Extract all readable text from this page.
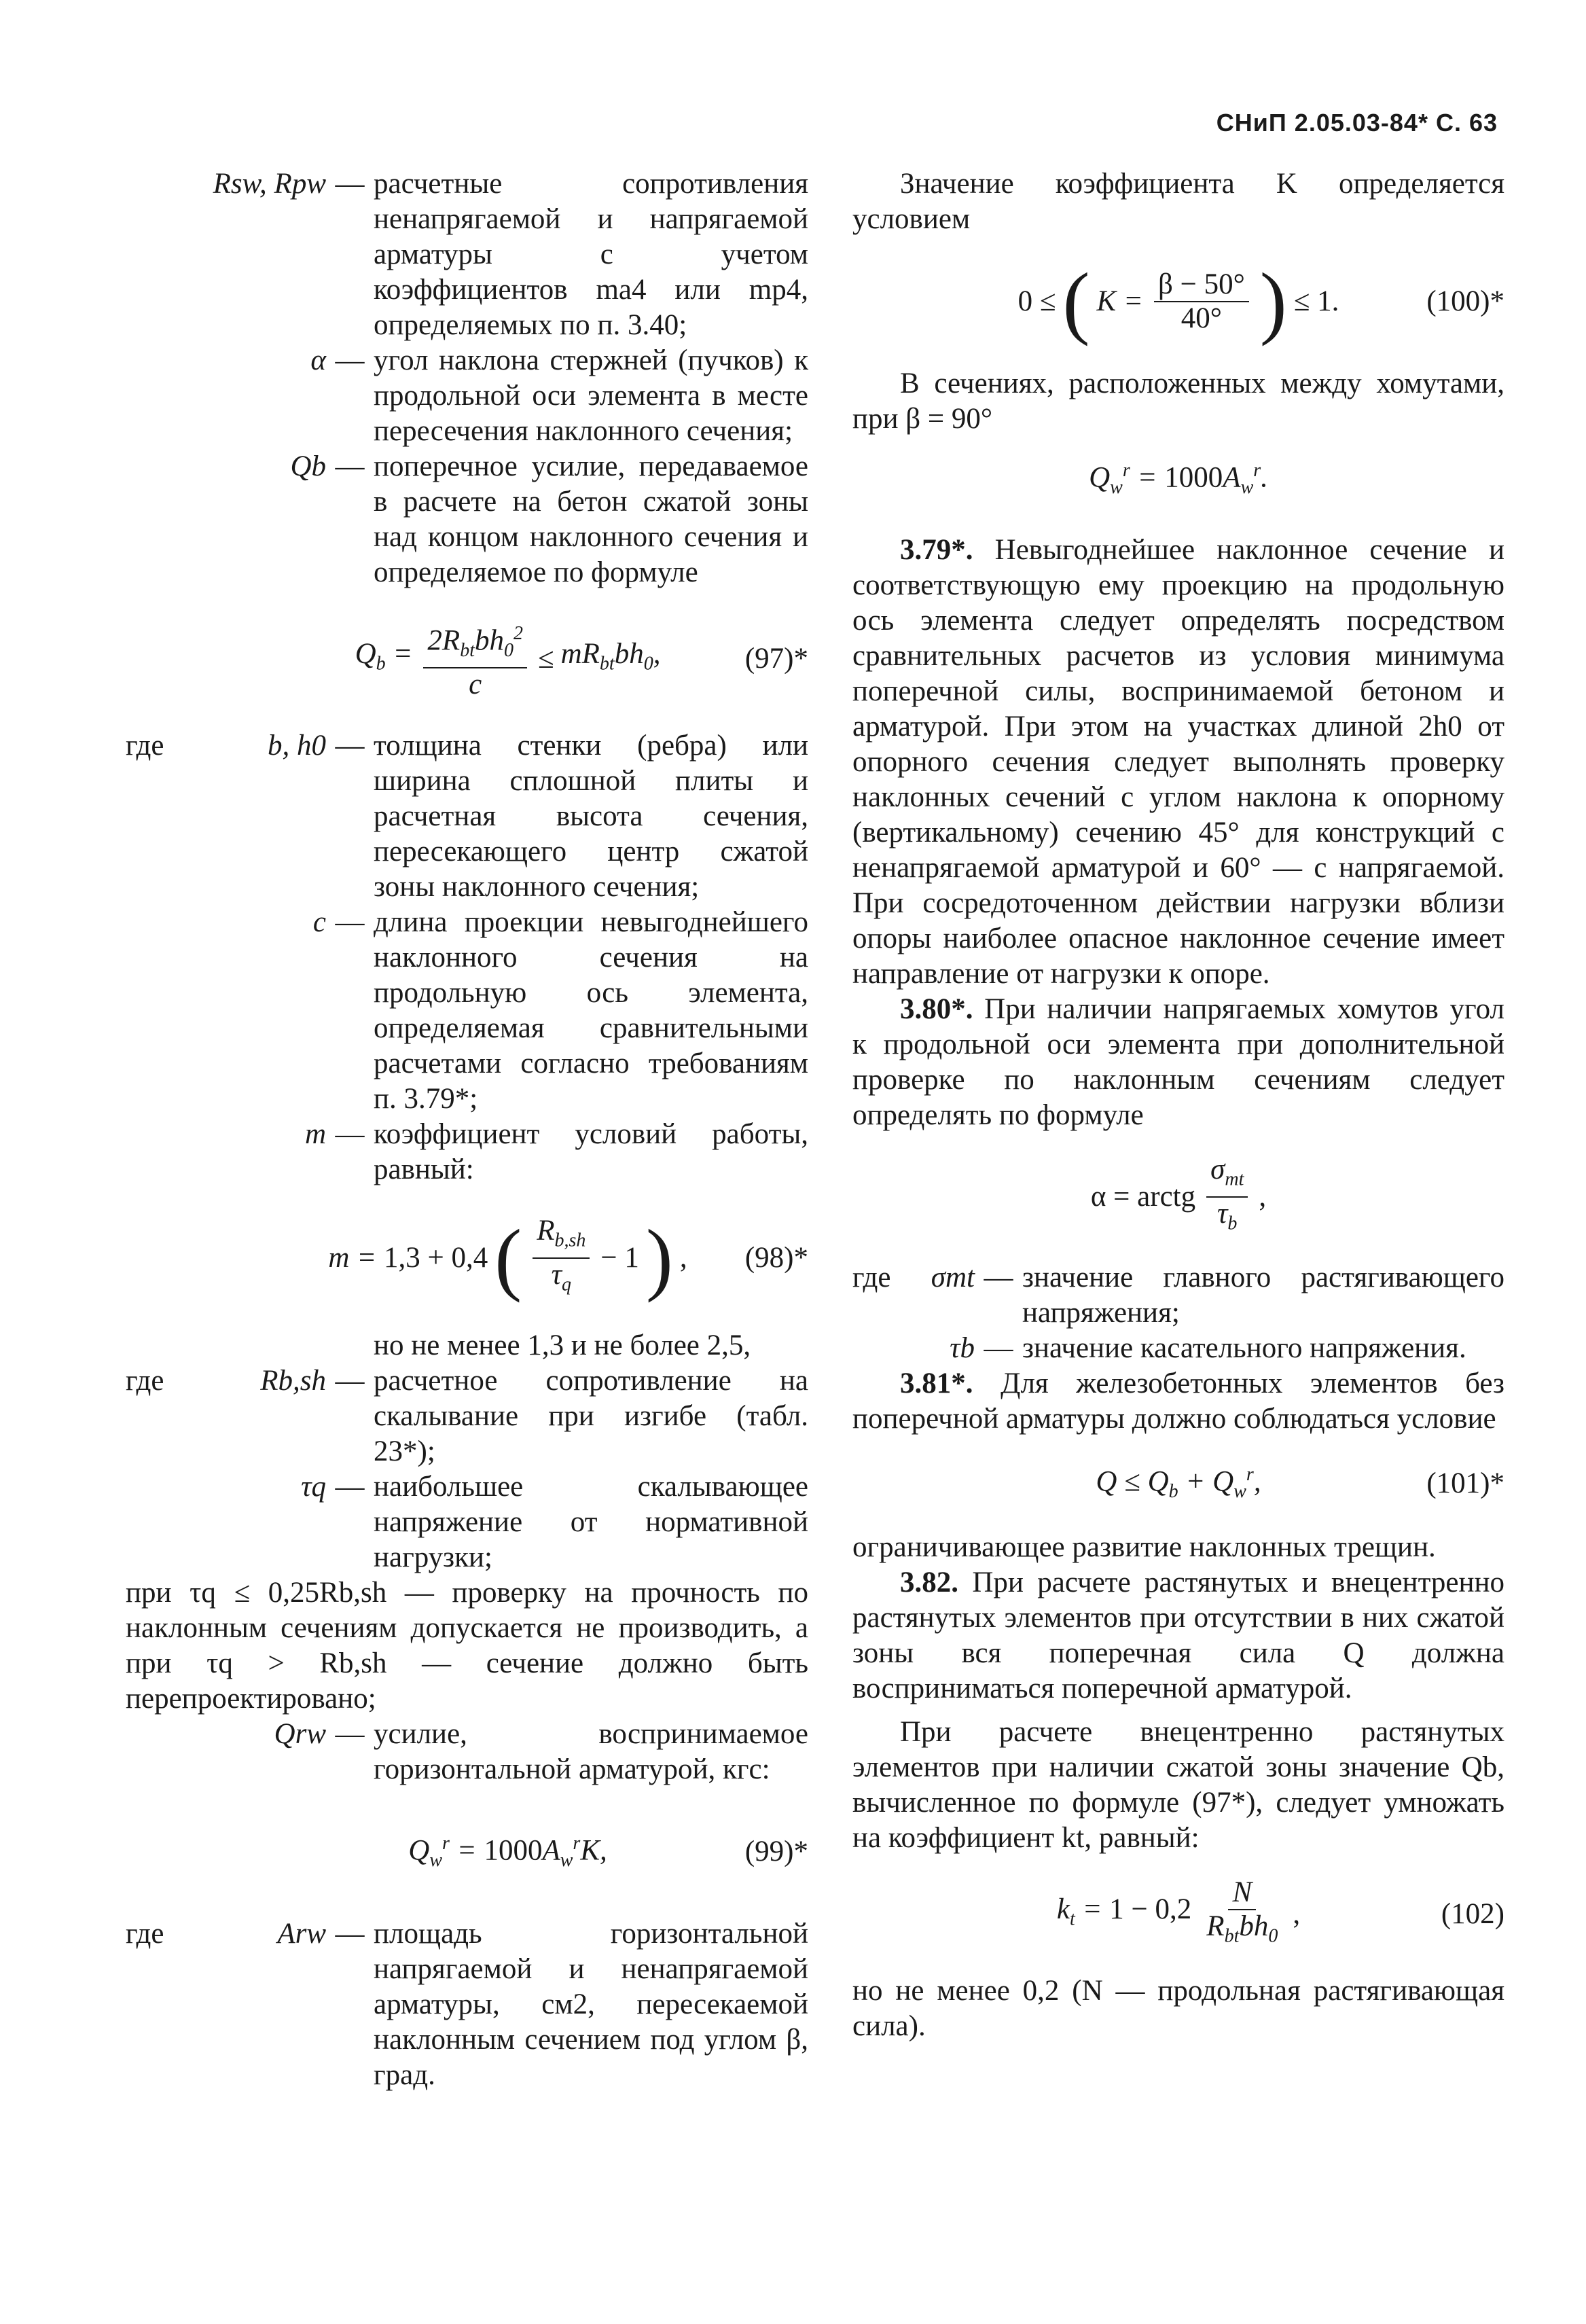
СНиП 2.05.03-84* С. 63
Rsw, Rpw — расчетные сопротивления ненапрягаемой и напрягаемой арматуры с учетом коэффициентов ma4 или mp4, определяемых по п. 3.40;
α — угол наклона стержней (пучков) к продольной оси элемента в месте пересечения наклонного сечения;
Qb — поперечное усилие, передаваемое в расчете на бетон сжатой зоны над концом наклонного сечения и определяемое по формуле
$Q_b = \frac{2R_{bt}bh_0^2}{c} \le mR_{bt}bh_0$,	(97)*
где	b, h0 — толщина стенки (ребра) или ширина сплошной плиты и расчетная высота сечения, пересекающего центр сжатой зоны наклонного сечения;
c — длина проекции невыгоднейшего наклонного сечения на продольную ось элемента, определяемая сравнительными расчетами согласно требованиям п. 3.79*;
m — коэффициент условий работы, равный:
m = 1,3 + 0,4 ( $\frac{R_{b,sh}}{\tau_q} - 1$ ) , (98)*

но не менее 1,3 и не более 2,5,

где	Rb,sh — расчетное сопротивление на скалывание при изгибе (табл. 23*);
τq — наибольшее скалывающее напряжение от нормативной нагрузки;

при τq ≤ 0,25Rb,sh — проверку на прочность по наклонным сечениям допускается не производить, а при τq > Rb,sh — сечение должно быть перепроектировано;

Qrw — усилие, воспринимаемое горизонтальной арматурой, кгс:
$Q_w^r = 1000A_w^rK$,	(99)*
где	Arw — площадь горизонтальной напрягаемой и ненапрягаемой арматуры, см2, пересекаемой наклонным сечением под углом β, град.

Значение коэффициента K определяется условием

0 ≤ ( $K = \frac{\beta - 50^\circ}{40^\circ}$ ) ≤ 1.	(100)*

В сечениях, расположенных между хомутами, при β = 90°

$Q_w^r = 1000A_w^r$.

3.79*. Невыгоднейшее наклонное сечение и соответствующую ему проекцию на продольную ось элемента следует определять посредством сравнительных расчетов из условия минимума поперечной силы, воспринимаемой бетоном и арматурой. При этом на участках длиной 2h0 от опорного сечения следует выполнять проверку наклонных сечений с углом наклона к опорному (вертикальному) сечению 45° для конструкций с ненапрягаемой арматурой и 60° — с напрягаемой. При сосредоточенном действии нагрузки вблизи опоры наиболее опасное наклонное сечение имеет направление от нагрузки к опоре.

3.80*. При наличии напрягаемых хомутов угол к продольной оси элемента при дополнительной проверке по наклонным сечениям следует определять по формуле

α = arctg $\frac{\sigma_{mt}}{\tau_b}$ ,
где	σmt — значение главного растягивающего напряжения;
τb — значение касательного напряжения.

3.81*. Для железобетонных элементов без поперечной арматуры должно соблюдаться условие

$Q \le Q_b + Q_w^r$,	(101)*

ограничивающее развитие наклонных трещин.

3.82. При расчете растянутых и внецентренно растянутых элементов при отсутствии в них сжатой зоны вся поперечная сила Q должна восприниматься поперечной арматурой.

При расчете внецентренно растянутых элементов при наличии сжатой зоны значение Qb, вычисленное по формуле (97*), следует умножать на коэффициент kt, равный:

$k_t = 1 - 0,2 \frac{N}{R_{bt}bh_0}$ ,	(102)

но не менее 0,2 (N — продольная растягивающая сила).
